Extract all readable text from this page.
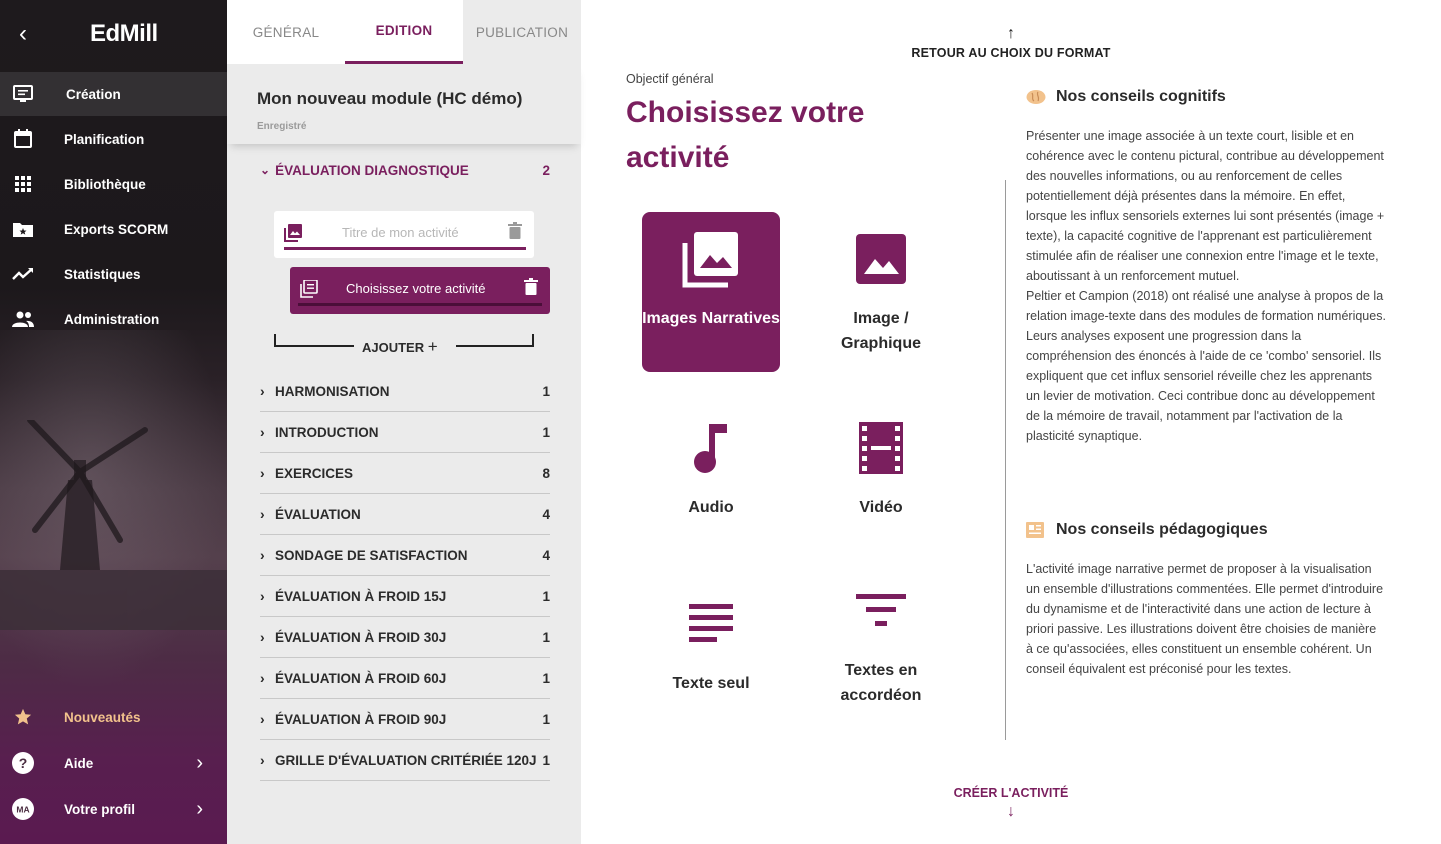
‹	EdMill
Création
Planification
Bibliothèque
Exports SCORM
Statistiques
Administration
Nouveautés
?	Aide	›
MA	Votre profil	›
GÉNÉRAL	EDITION	PUBLICATION
Mon nouveau module (HC démo)
Enregistré
⌄ ÉVALUATION DIAGNOSTIQUE	2
Titre de mon activité
Choisissez votre activité
AJOUTER +
› HARMONISATION	1
› INTRODUCTION	1
› EXERCICES	8
› ÉVALUATION	4
› SONDAGE DE SATISFACTION	4
› ÉVALUATION À FROID 15J	1
› ÉVALUATION À FROID 30J	1
› ÉVALUATION À FROID 60J	1
› ÉVALUATION À FROID 90J	1
› GRILLE D'ÉVALUATION CRITÉRIÉE 120J 1
↑
RETOUR AU CHOIX DU FORMAT
Objectif général
Choisissez votre activité
Images Narratives	Image / Graphique
Audio	Vidéo
Texte seul
Textes en accordéon
Nos conseils cognitifs
Présenter une image associée à un texte court, lisible et en cohérence avec le contenu pictural, contribue au développement des nouvelles informations, ou au renforcement de celles potentiellement déjà présentes dans la mémoire. En effet, lorsque les influx sensoriels externes lui sont présentés (image + texte), la capacité cognitive de l'apprenant est particulièrement stimulée afin de réaliser une connexion entre l'image et le texte, aboutissant à un renforcement mutuel.
Peltier et Campion (2018) ont réalisé une analyse à propos de la relation image-texte dans des modules de formation numériques. Leurs analyses exposent une progression dans la compréhension des énoncés à l'aide de ce 'combo' sensoriel. Ils expliquent que cet influx sensoriel réveille chez les apprenants un levier de motivation. Ceci contribue donc au développement de la mémoire de travail, notamment par l'activation de la plasticité synaptique.
Nos conseils pédagogiques
L'activité image narrative permet de proposer à la visualisation un ensemble d'illustrations commentées. Elle permet d'introduire du dynamisme et de l'interactivité dans une action de lecture à priori passive. Les illustrations doivent être choisies de manière à ce qu'associées, elles constituent un ensemble cohérent. Un conseil équivalent est préconisé pour les textes.
CRÉER L'ACTIVITÉ
↓
